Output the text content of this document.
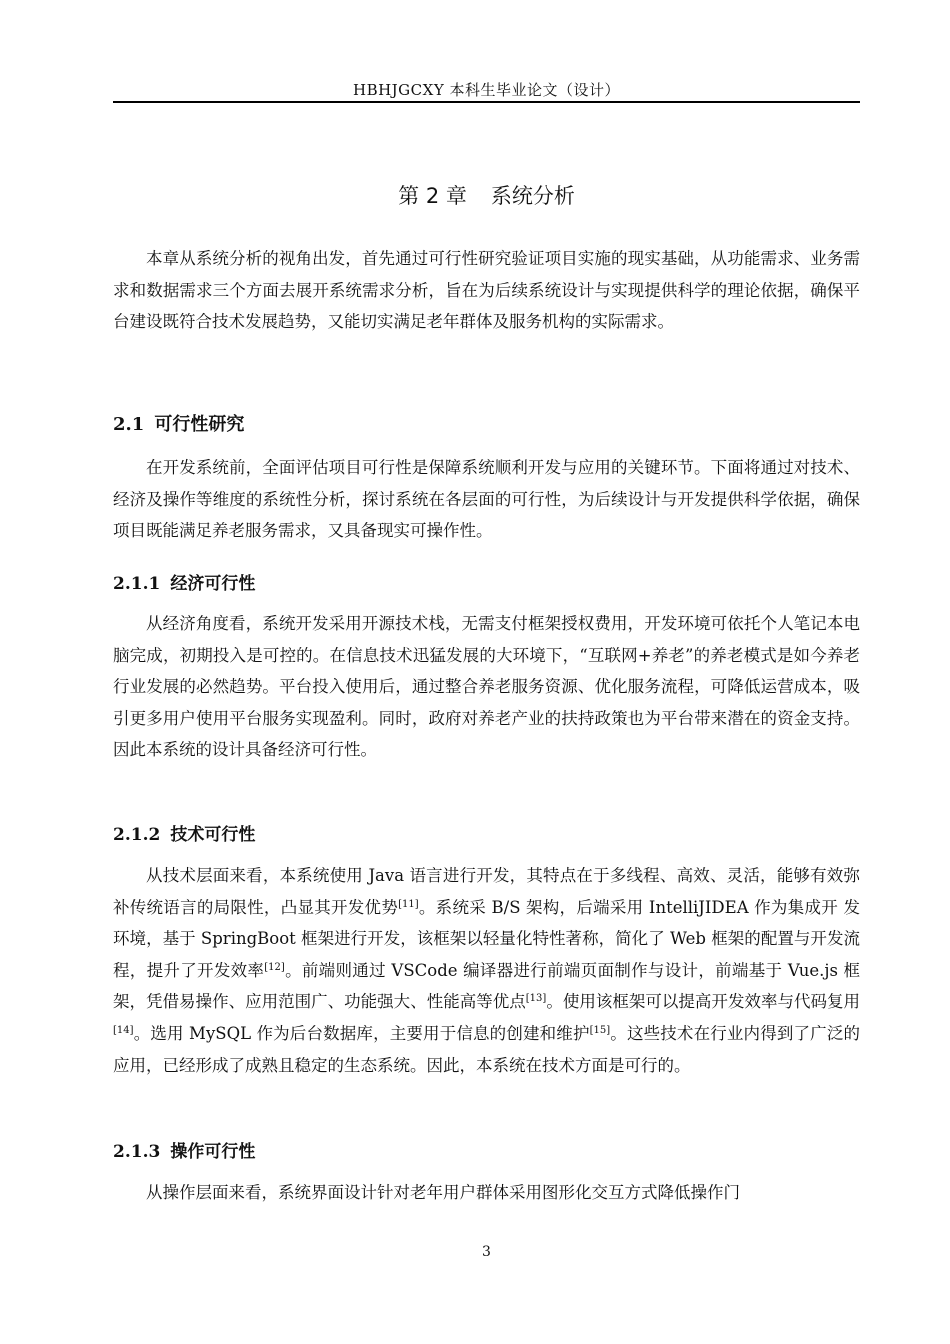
HBHJGCXY 本科生毕业论文（设计）
第 2 章 系统分析

本章从系统分析的视角出发，首先通过可行性研究验证项目实施的现实基础，从功能需求、业务需求和数据需求三个方面去展开系统需求分析，旨在为后续系统设计与实现提供科学的理论依据，确保平台建设既符合技术发展趋势，又能切实满足老年群体及服务机构的实际需求。

2.1 可行性研究

在开发系统前，全面评估项目可行性是保障系统顺利开发与应用的关键环节。下面将通过对技术、经济及操作等维度的系统性分析，探讨系统在各层面的可行性，为后续设计与开发提供科学依据，确保项目既能满足养老服务需求，又具备现实可操作性。

2.1.1 经济可行性

从经济角度看，系统开发采用开源技术栈，无需支付框架授权费用，开发环境可依托个人笔记本电脑完成，初期投入是可控的。在信息技术迅猛发展的大环境下，“互联网+养老”的养老模式是如今养老行业发展的必然趋势。平台投入使用后，通过整合养老服务资源、优化服务流程，可降低运营成本，吸引更多用户使用平台服务实现盈利。同时，政府对养老产业的扶持政策也为平台带来潜在的资金支持。因此本系统的设计具备经济可行性。

2.1.2 技术可行性

从技术层面来看，本系统使用 Java 语言进行开发，其特点在于多线程、高效、灵活，能够有效弥补传统语言的局限性，凸显其开发优势[11]。系统采 B/S 架构，后端采用 IntelliJIDEA 作为集成开 发环境，基于 SpringBoot 框架进行开发，该框架以轻量化特性著称，简化了 Web 框架的配置与开发流程，提升了开发效率[12]。前端则通过 VSCode 编译器进行前端页面制作与设计，前端基于 Vue.js 框架，凭借易操作、应用范围广、功能强大、性能高等优点[13]。使用该框架可以提高开发效率与代码复用[14]。选用 MySQL 作为后台数据库，主要用于信息的创建和维护[15]。这些技术在行业内得到了广泛的应用，已经形成了成熟且稳定的生态系统。因此，本系统在技术方面是可行的。

2.1.3 操作可行性

从操作层面来看，系统界面设计针对老年用户群体采用图形化交互方式降低操作门

3
